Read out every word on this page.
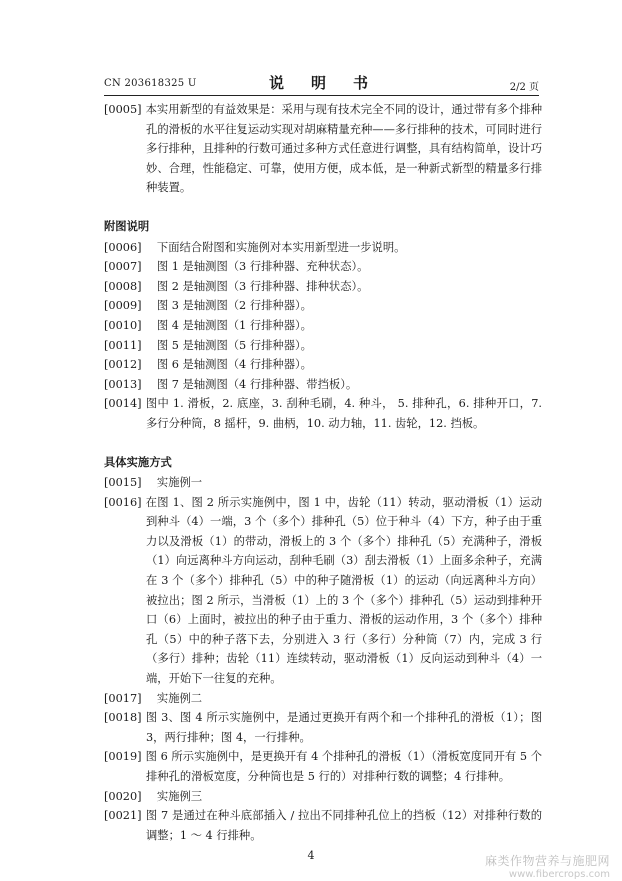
CN 203618325 U	说　明　书	2/2 页

[0005] 本实用新型的有益效果是：采用与现有技术完全不同的设计，通过带有多个排种孔的滑板的水平往复运动实现对胡麻精量充种——多行排种的技术，可同时进行多行排种，且排种的行数可通过多种方式任意进行调整，具有结构简单，设计巧妙、合理，性能稳定、可靠，使用方便，成本低，是一种新式新型的精量多行排种装置。

附图说明

[0006]　 下面结合附图和实施例对本实用新型进一步说明。

[0007]　 图 1 是轴测图（3 行排种器、充种状态）。

[0008]　 图 2 是轴测图（3 行排种器、排种状态）。

[0009]　 图 3 是轴测图（2 行排种器）。

[0010]　 图 4 是轴测图（1 行排种器）。

[0011]　 图 5 是轴测图（5 行排种器）。

[0012]　 图 6 是轴测图（4 行排种器）。

[0013]　 图 7 是轴测图（4 行排种器、带挡板）。

[0014] 图中 1. 滑板，2. 底座，3. 刮种毛刷，4. 种斗， 5. 排种孔，6. 排种开口，7. 多行分种筒，8 摇杆，9. 曲柄，10. 动力轴，11. 齿轮，12. 挡板。

具体实施方式

[0015]　 实施例一

[0016] 在图 1、图 2 所示实施例中，图 1 中，齿轮（11）转动，驱动滑板（1）运动到种斗（4）一端，3 个（多个）排种孔（5）位于种斗（4）下方，种子由于重力以及滑板（1）的带动，滑板上的 3 个（多个）排种孔（5）充满种子，滑板（1）向远离种斗方向运动，刮种毛刷（3）刮去滑板（1）上面多余种子，充满在 3 个（多个）排种孔（5）中的种子随滑板（1）的运动（向远离种斗方向）被拉出；图 2 所示，当滑板（1）上的 3 个（多个）排种孔（5）运动到排种开口（6）上面时，被拉出的种子由于重力、滑板的运动作用，3 个（多个）排种孔（5）中的种子落下去，分别进入 3 行（多行）分种筒（7）内，完成 3 行（多行）排种；齿轮（11）连续转动，驱动滑板（1）反向运动到种斗（4）一端，开始下一往复的充种。

[0017]　 实施例二

[0018] 图 3、图 4 所示实施例中，是通过更换开有两个和一个排种孔的滑板（1）；图 3，两行排种；图 4，一行排种。

[0019] 图 6 所示实施例中，是更换开有 4 个排种孔的滑板（1）（滑板宽度同开有 5 个排种孔的滑板宽度，分种筒也是 5 行的）对排种行数的调整；4 行排种。

[0020]　 实施例三

[0021] 图 7 是通过在种斗底部插入 / 拉出不同排种孔位上的挡板（12）对排种行数的调整；1 ～ 4 行排种。

4	麻类作物营养与施肥网
www.fibercrops.com
